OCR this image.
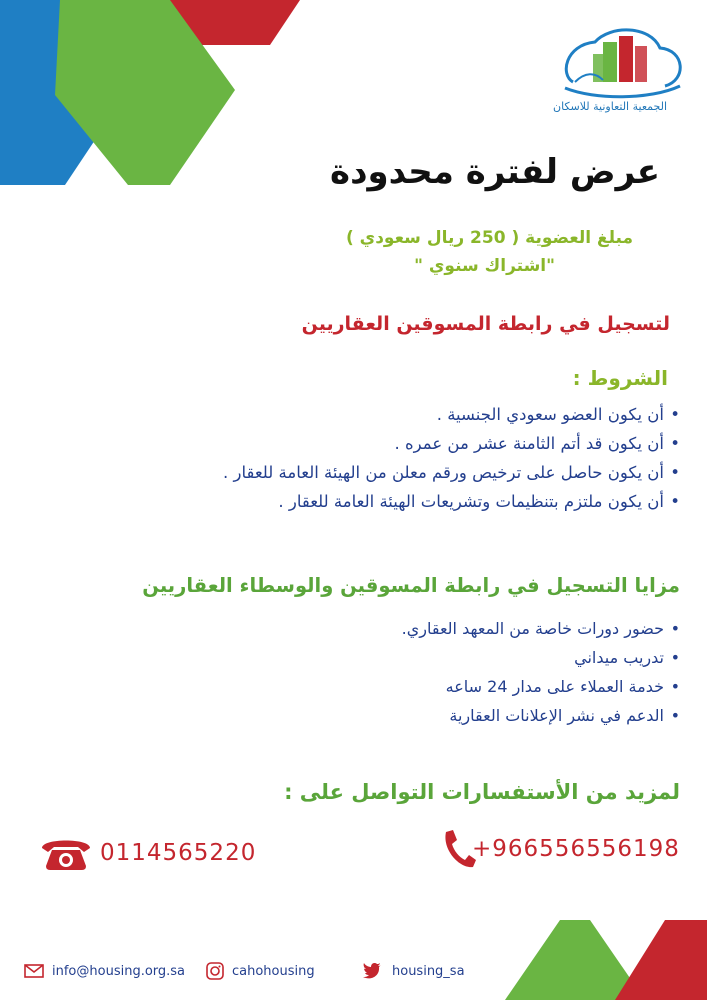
الجمعية التعاونية للاسكان
عرض لفترة محدودة
مبلغ العضوية ( 250 ريال سعودي )
"اشتراك سنوي "
لتسجيل في رابطة المسوقين العقاريين
الشروط :
• أن يكون العضو سعودي الجنسية .
• أن يكون قد أتم الثامنة عشر من عمره .
• أن يكون حاصل على ترخيص ورقم معلن من الهيئة العامة للعقار .
• أن يكون ملتزم بتنظيمات وتشريعات الهيئة العامة للعقار .
مزايا التسجيل في رابطة المسوقين والوسطاء العقاريين
• حضور دورات خاصة من المعهد العقاري.
• تدريب ميداني
• خدمة العملاء على مدار 24 ساعه
• الدعم في نشر الإعلانات العقارية
لمزيد من الأستفسارات التواصل على :
0114565220	+966556556198
info@housing.org.sa	cahohousing	housing_sa
